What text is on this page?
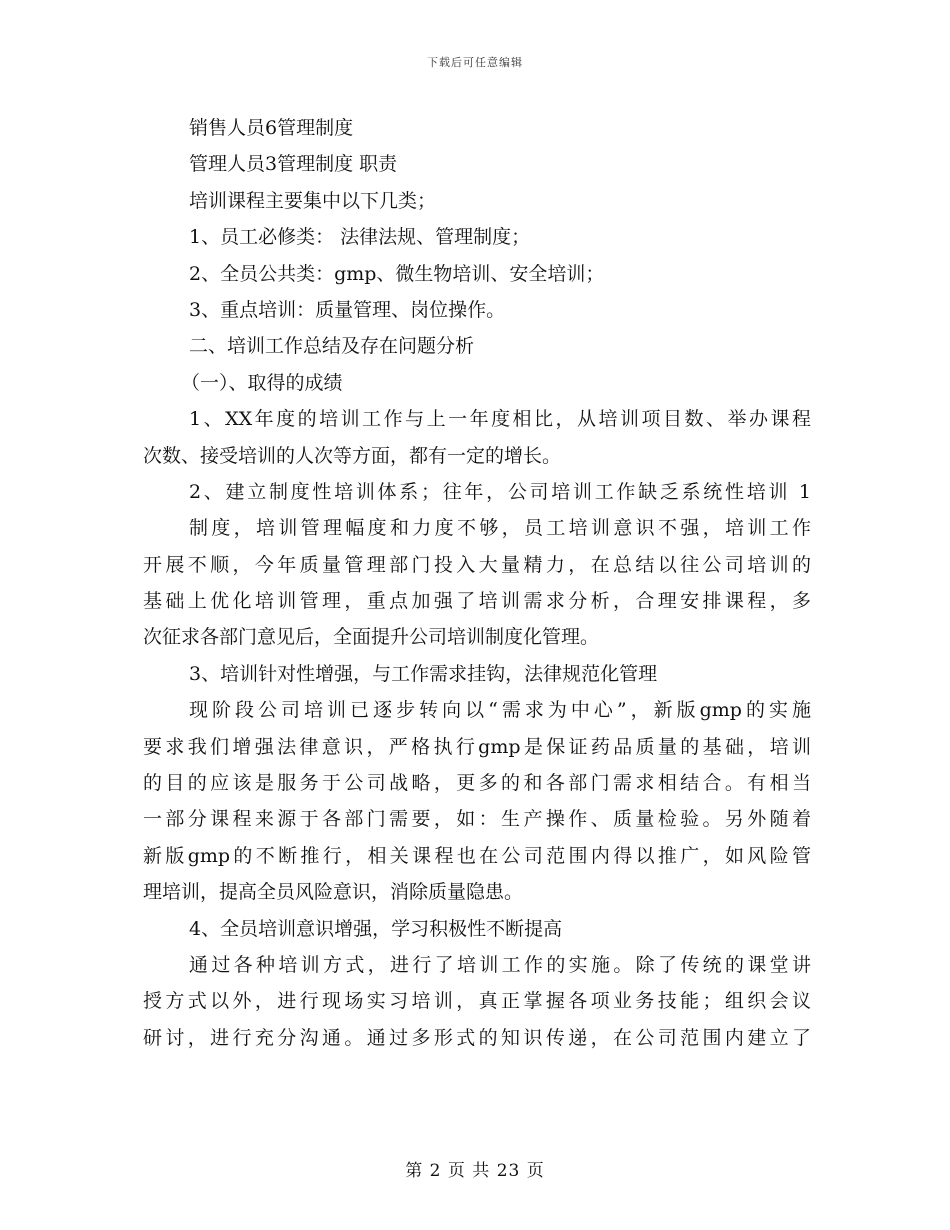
下载后可任意编辑
销售人员6管理制度
管理人员3管理制度 职责
培训课程主要集中以下几类；
1、员工必修类： 法律法规、管理制度；
2、全员公共类：gmp、微生物培训、安全培训；
3、重点培训：质量管理、岗位操作。
二、培训工作总结及存在问题分析
（一）、取得的成绩
1、XX年度的培训工作与上一年度相比，从培训项目数、举办课程
次数、接受培训的人次等方面，都有一定的增长。
2、建立制度性培训体系；往年，公司培训工作缺乏系统性培训 1
制度，培训管理幅度和力度不够，员工培训意识不强，培训工作
开展不顺，今年质量管理部门投入大量精力，在总结以往公司培训的
基础上优化培训管理，重点加强了培训需求分析，合理安排课程，多
次征求各部门意见后，全面提升公司培训制度化管理。
3、培训针对性增强，与工作需求挂钩，法律规范化管理
现阶段公司培训已逐步转向以“需求为中心”，新版gmp的实施
要求我们增强法律意识，严格执行gmp是保证药品质量的基础，培训
的目的应该是服务于公司战略，更多的和各部门需求相结合。有相当
一部分课程来源于各部门需要，如：生产操作、质量检验。另外随着
新版gmp的不断推行，相关课程也在公司范围内得以推广，如风险管
理培训，提高全员风险意识，消除质量隐患。
4、全员培训意识增强，学习积极性不断提高
通过各种培训方式，进行了培训工作的实施。除了传统的课堂讲
授方式以外，进行现场实习培训，真正掌握各项业务技能；组织会议
研讨，进行充分沟通。通过多形式的知识传递，在公司范围内建立了
第 2 页 共 23 页
